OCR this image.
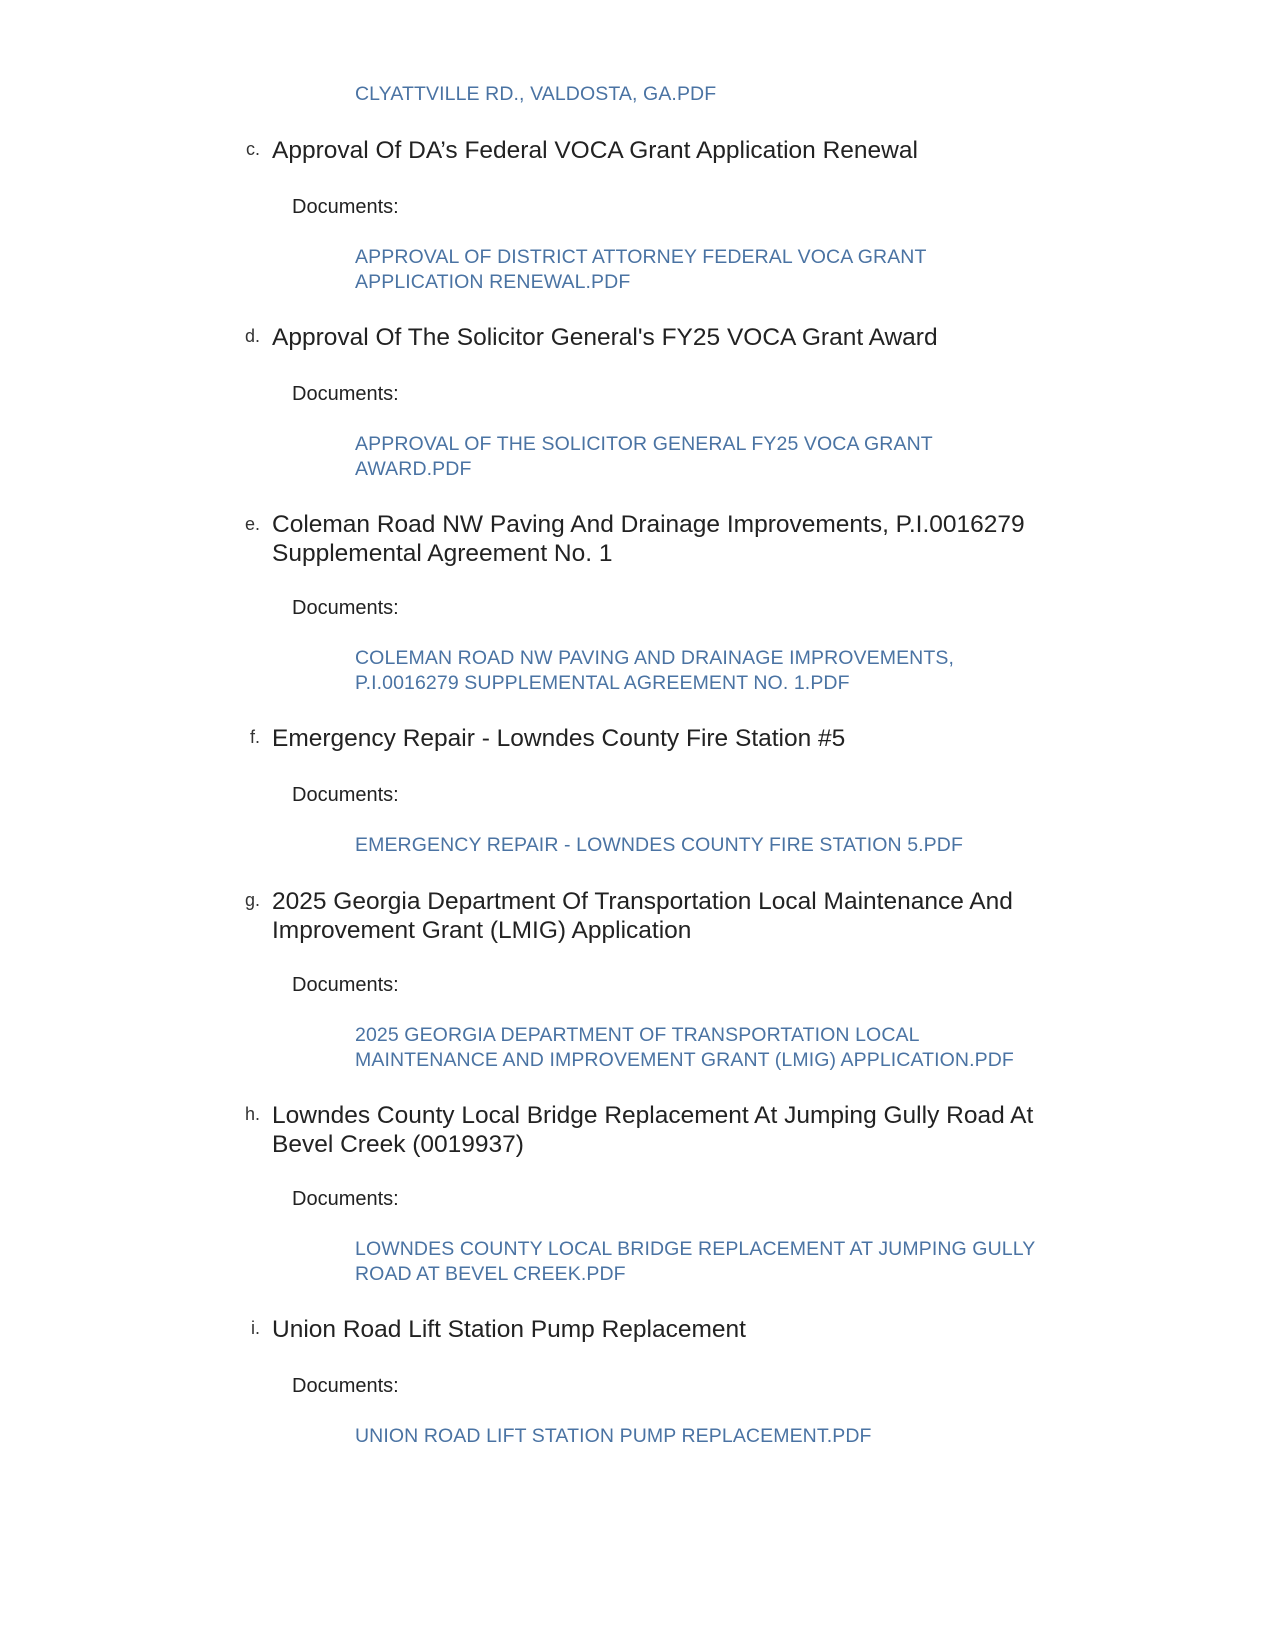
CLYATTVILLE RD., VALDOSTA, GA.PDF
c. Approval Of DA’s Federal VOCA Grant Application Renewal
Documents:
APPROVAL OF DISTRICT ATTORNEY FEDERAL VOCA GRANT
APPLICATION RENEWAL.PDF
d. Approval Of The Solicitor General's FY25 VOCA Grant Award
Documents:
APPROVAL OF THE SOLICITOR GENERAL FY25 VOCA GRANT
AWARD.PDF
e. Coleman Road NW Paving And Drainage Improvements, P.I.0016279
Supplemental Agreement No. 1
Documents:
COLEMAN ROAD NW PAVING AND DRAINAGE IMPROVEMENTS,
P.I.0016279 SUPPLEMENTAL AGREEMENT NO. 1.PDF
f. Emergency Repair - Lowndes County Fire Station #5
Documents:
EMERGENCY REPAIR - LOWNDES COUNTY FIRE STATION 5.PDF
g. 2025 Georgia Department Of Transportation Local Maintenance And
Improvement Grant (LMIG) Application
Documents:
2025 GEORGIA DEPARTMENT OF TRANSPORTATION LOCAL
MAINTENANCE AND IMPROVEMENT GRANT (LMIG) APPLICATION.PDF
h. Lowndes County Local Bridge Replacement At Jumping Gully Road At
Bevel Creek (0019937)
Documents:
LOWNDES COUNTY LOCAL BRIDGE REPLACEMENT AT JUMPING GULLY
ROAD AT BEVEL CREEK.PDF
i. Union Road Lift Station Pump Replacement
Documents:
UNION ROAD LIFT STATION PUMP REPLACEMENT.PDF
